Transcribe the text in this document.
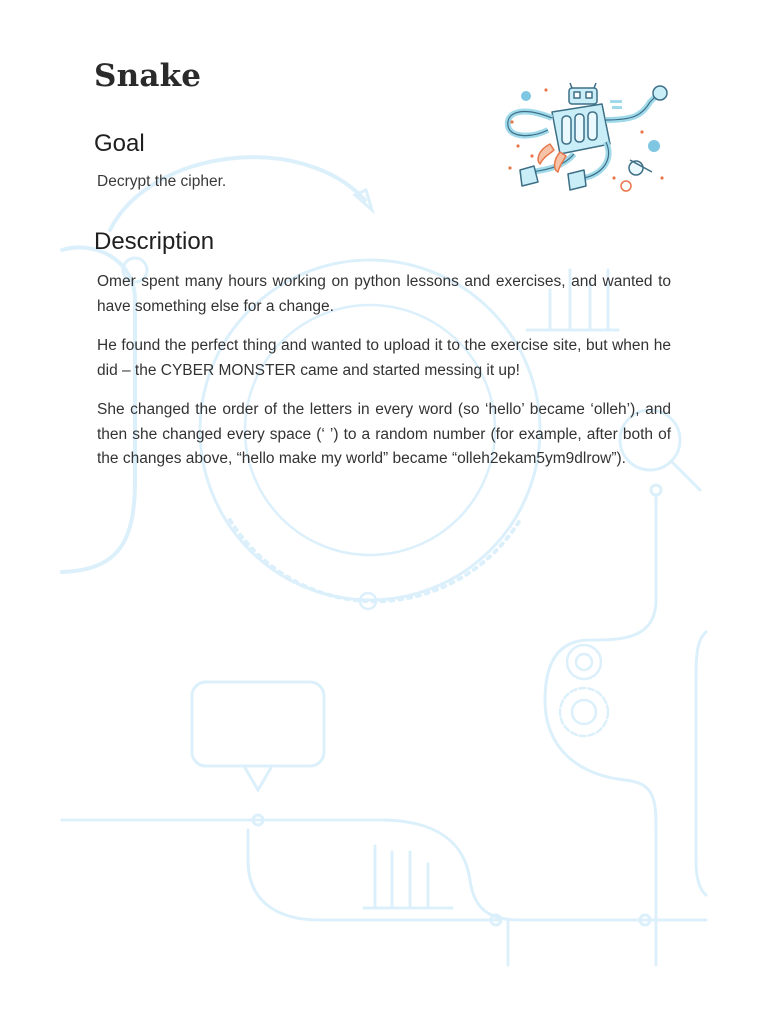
Snake
Goal

Decrypt the cipher.

Description

Omer spent many hours working on python lessons and exercises, and wanted to have something else for a change.

He found the perfect thing and wanted to upload it to the exercise site, but when he did – the CYBER MONSTER came and started messing it up!

She changed the order of the letters in every word (so ‘hello’ became ‘olleh’), and then she changed every space (‘ ’) to a random number (for example, after both of the changes above, “hello make my world” became “olleh2ekam5ym9dlrow”).
